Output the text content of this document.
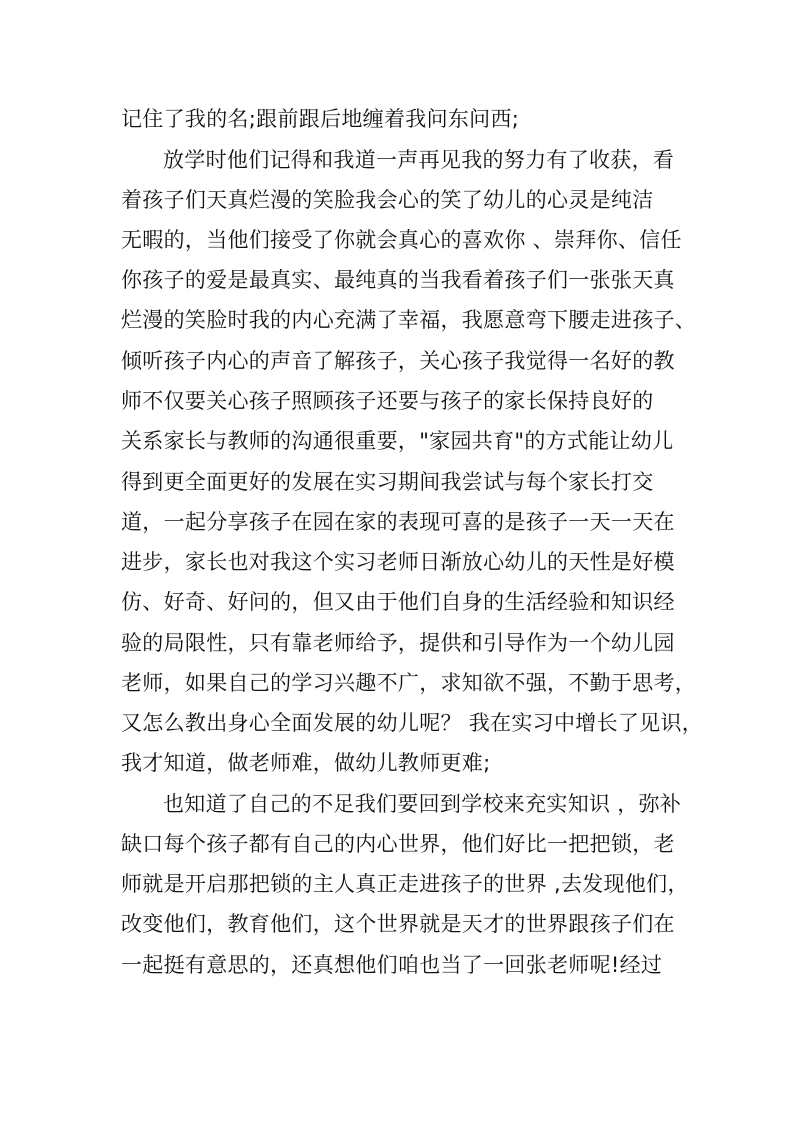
记住了我的名;跟前跟后地缠着我问东问西;
放学时他们记得和我道一声再见我的努力有了收获，看
着孩子们天真烂漫的笑脸我会心的笑了幼儿的心灵是纯洁
无暇的，当他们接受了你就会真心的喜欢你 、崇拜你、信任
你孩子的爱是最真实、最纯真的当我看着孩子们一张张天真
烂漫的笑脸时我的内心充满了幸福，我愿意弯下腰走进孩子、
倾听孩子内心的声音了解孩子，关心孩子我觉得一名好的教
师不仅要关心孩子照顾孩子还要与孩子的家长保持良好的
关系家长与教师的沟通很重要，"家园共育"的方式能让幼儿
得到更全面更好的发展在实习期间我尝试与每个家长打交
道，一起分享孩子在园在家的表现可喜的是孩子一天一天在
进步，家长也对我这个实习老师日渐放心幼儿的天性是好模
仿、好奇、好问的，但又由于他们自身的生活经验和知识经
验的局限性，只有靠老师给予，提供和引导作为一个幼儿园
老师，如果自己的学习兴趣不广，求知欲不强，不勤于思考，
又怎么教出身心全面发展的幼儿呢？ 我在实习中增长了见识，
我才知道，做老师难，做幼儿教师更难;
也知道了自己的不足我们要回到学校来充实知识 ，弥补
缺口每个孩子都有自己的内心世界，他们好比一把把锁，老
师就是开启那把锁的主人真正走进孩子的世界 ,去发现他们，
改变他们，教育他们，这个世界就是天才的世界跟孩子们在
一起挺有意思的，还真想他们咱也当了一回张老师呢!经过
